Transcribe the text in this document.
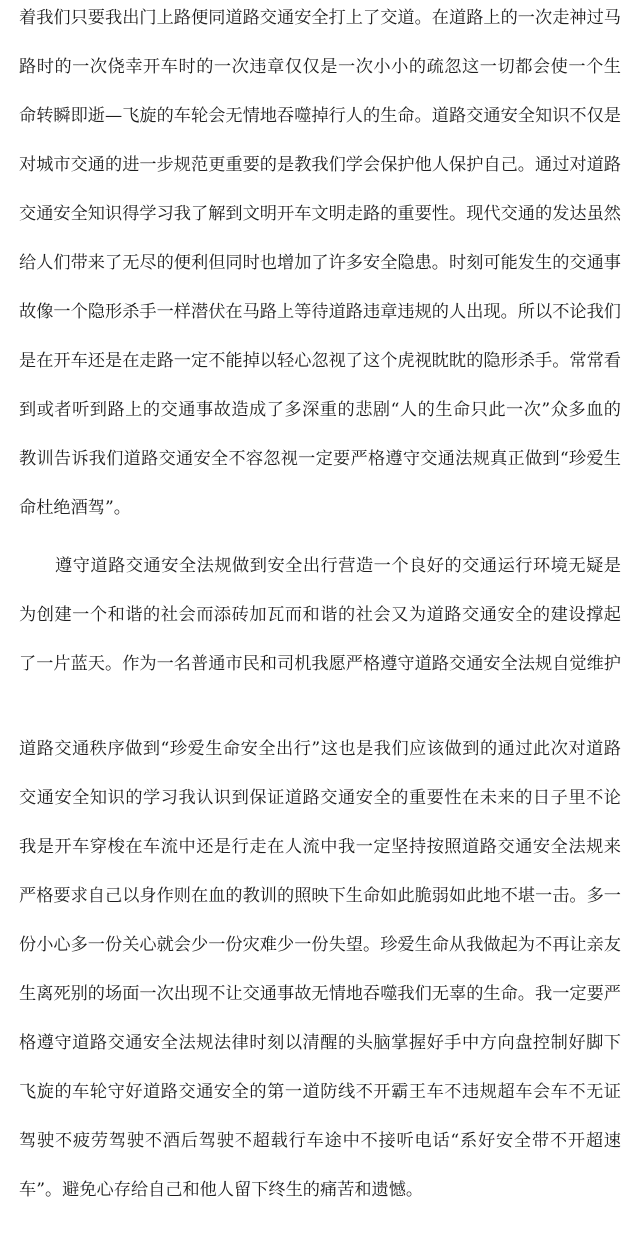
着我们只要我出门上路便同道路交通安全打上了交道。在道路上的一次走神过马

路时的一次侥幸开车时的一次违章仅仅是一次小小的疏忽这一切都会使一个生

命转瞬即逝—飞旋的车轮会无情地吞噬掉行人的生命。道路交通安全知识不仅是

对城市交通的进一步规范更重要的是教我们学会保护他人保护自己。通过对道路

交通安全知识得学习我了解到文明开车文明走路的重要性。现代交通的发达虽然

给人们带来了无尽的便利但同时也增加了许多安全隐患。时刻可能发生的交通事

故像一个隐形杀手一样潜伏在马路上等待道路违章违规的人出现。所以不论我们

是在开车还是在走路一定不能掉以轻心忽视了这个虎视眈眈的隐形杀手。常常看

到或者听到路上的交通事故造成了多深重的悲剧“人的生命只此一次”众多血的

教训告诉我们道路交通安全不容忽视一定要严格遵守交通法规真正做到“珍爱生

命杜绝酒驾”。

遵守道路交通安全法规做到安全出行营造一个良好的交通运行环境无疑是

为创建一个和谐的社会而添砖加瓦而和谐的社会又为道路交通安全的建设撑起

了一片蓝天。作为一名普通市民和司机我愿严格遵守道路交通安全法规自觉维护

道路交通秩序做到“珍爱生命安全出行”这也是我们应该做到的通过此次对道路

交通安全知识的学习我认识到保证道路交通安全的重要性在未来的日子里不论

我是开车穿梭在车流中还是行走在人流中我一定坚持按照道路交通安全法规来

严格要求自己以身作则在血的教训的照映下生命如此脆弱如此地不堪一击。多一

份小心多一份关心就会少一份灾难少一份失望。珍爱生命从我做起为不再让亲友

生离死别的场面一次出现不让交通事故无情地吞噬我们无辜的生命。我一定要严

格遵守道路交通安全法规法律时刻以清醒的头脑掌握好手中方向盘控制好脚下

飞旋的车轮守好道路交通安全的第一道防线不开霸王车不违规超车会车不无证

驾驶不疲劳驾驶不酒后驾驶不超载行车途中不接听电话“系好安全带不开超速

车”。避免心存给自己和他人留下终生的痛苦和遗憾。
